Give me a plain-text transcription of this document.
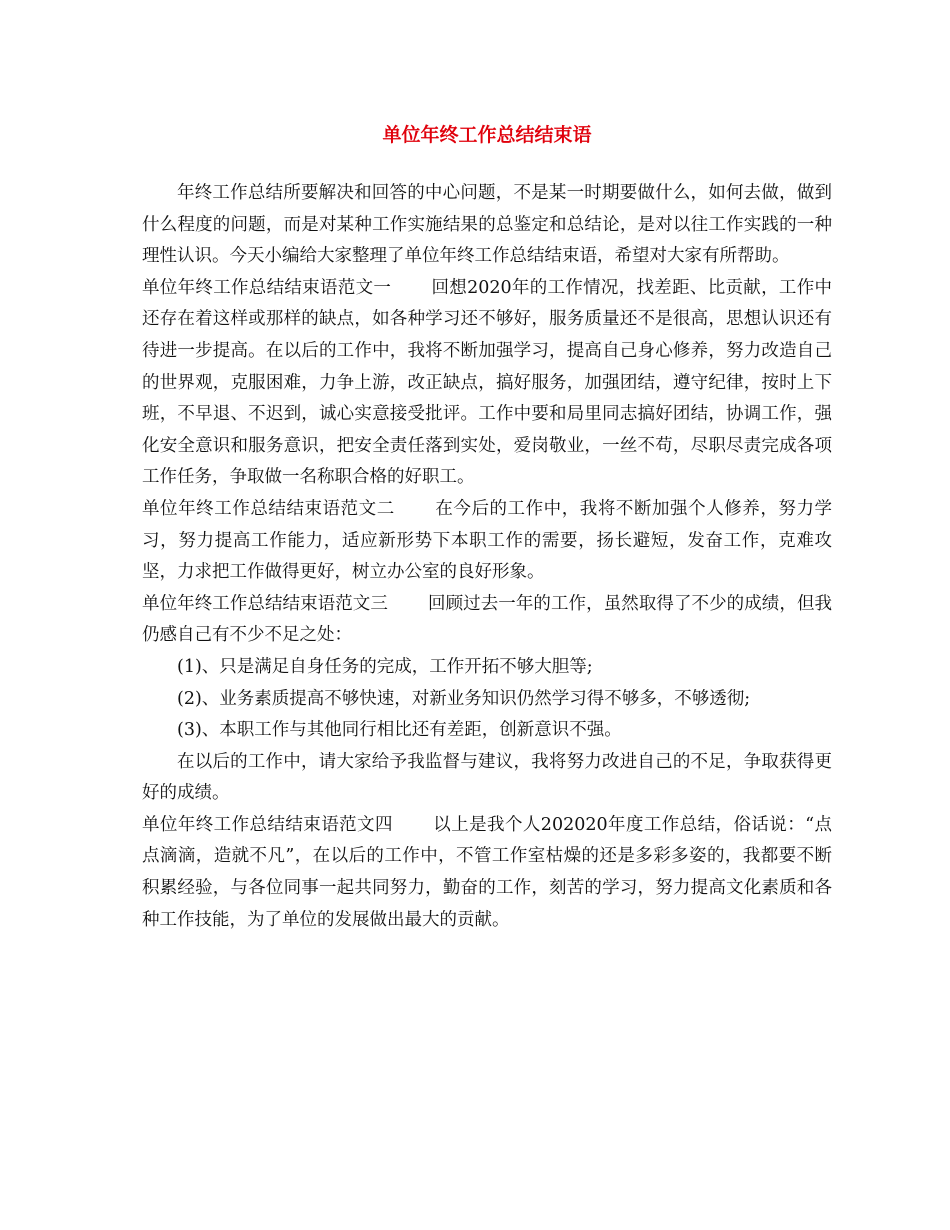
单位年终工作总结结束语

年终工作总结所要解决和回答的中心问题，不是某一时期要做什么，如何去做，做到什么程度的问题，而是对某种工作实施结果的总鉴定和总结论，是对以往工作实践的一种理性认识。今天小编给大家整理了单位年终工作总结结束语，希望对大家有所帮助。

单位年终工作总结结束语范文一 回想2020年的工作情况，找差距、比贡献，工作中还存在着这样或那样的缺点，如各种学习还不够好，服务质量还不是很高，思想认识还有待进一步提高。在以后的工作中，我将不断加强学习，提高自己身心修养，努力改造自己的世界观，克服困难，力争上游，改正缺点，搞好服务，加强团结，遵守纪律，按时上下班，不早退、不迟到，诚心实意接受批评。工作中要和局里同志搞好团结，协调工作，强化安全意识和服务意识，把安全责任落到实处，爱岗敬业，一丝不苟，尽职尽责完成各项工作任务，争取做一名称职合格的好职工。

单位年终工作总结结束语范文二 在今后的工作中，我将不断加强个人修养，努力学习，努力提高工作能力，适应新形势下本职工作的需要，扬长避短，发奋工作，克难攻坚，力求把工作做得更好，树立办公室的良好形象。

单位年终工作总结结束语范文三 回顾过去一年的工作，虽然取得了不少的成绩，但我仍感自己有不少不足之处：

(1)、只是满足自身任务的完成，工作开拓不够大胆等;

(2)、业务素质提高不够快速，对新业务知识仍然学习得不够多，不够透彻;

(3)、本职工作与其他同行相比还有差距，创新意识不强。

在以后的工作中，请大家给予我监督与建议，我将努力改进自己的不足，争取获得更好的成绩。

单位年终工作总结结束语范文四 以上是我个人202020年度工作总结，俗话说：“点点滴滴，造就不凡”，在以后的工作中，不管工作室枯燥的还是多彩多姿的，我都要不断积累经验，与各位同事一起共同努力，勤奋的工作，刻苦的学习，努力提高文化素质和各种工作技能，为了单位的发展做出最大的贡献。
